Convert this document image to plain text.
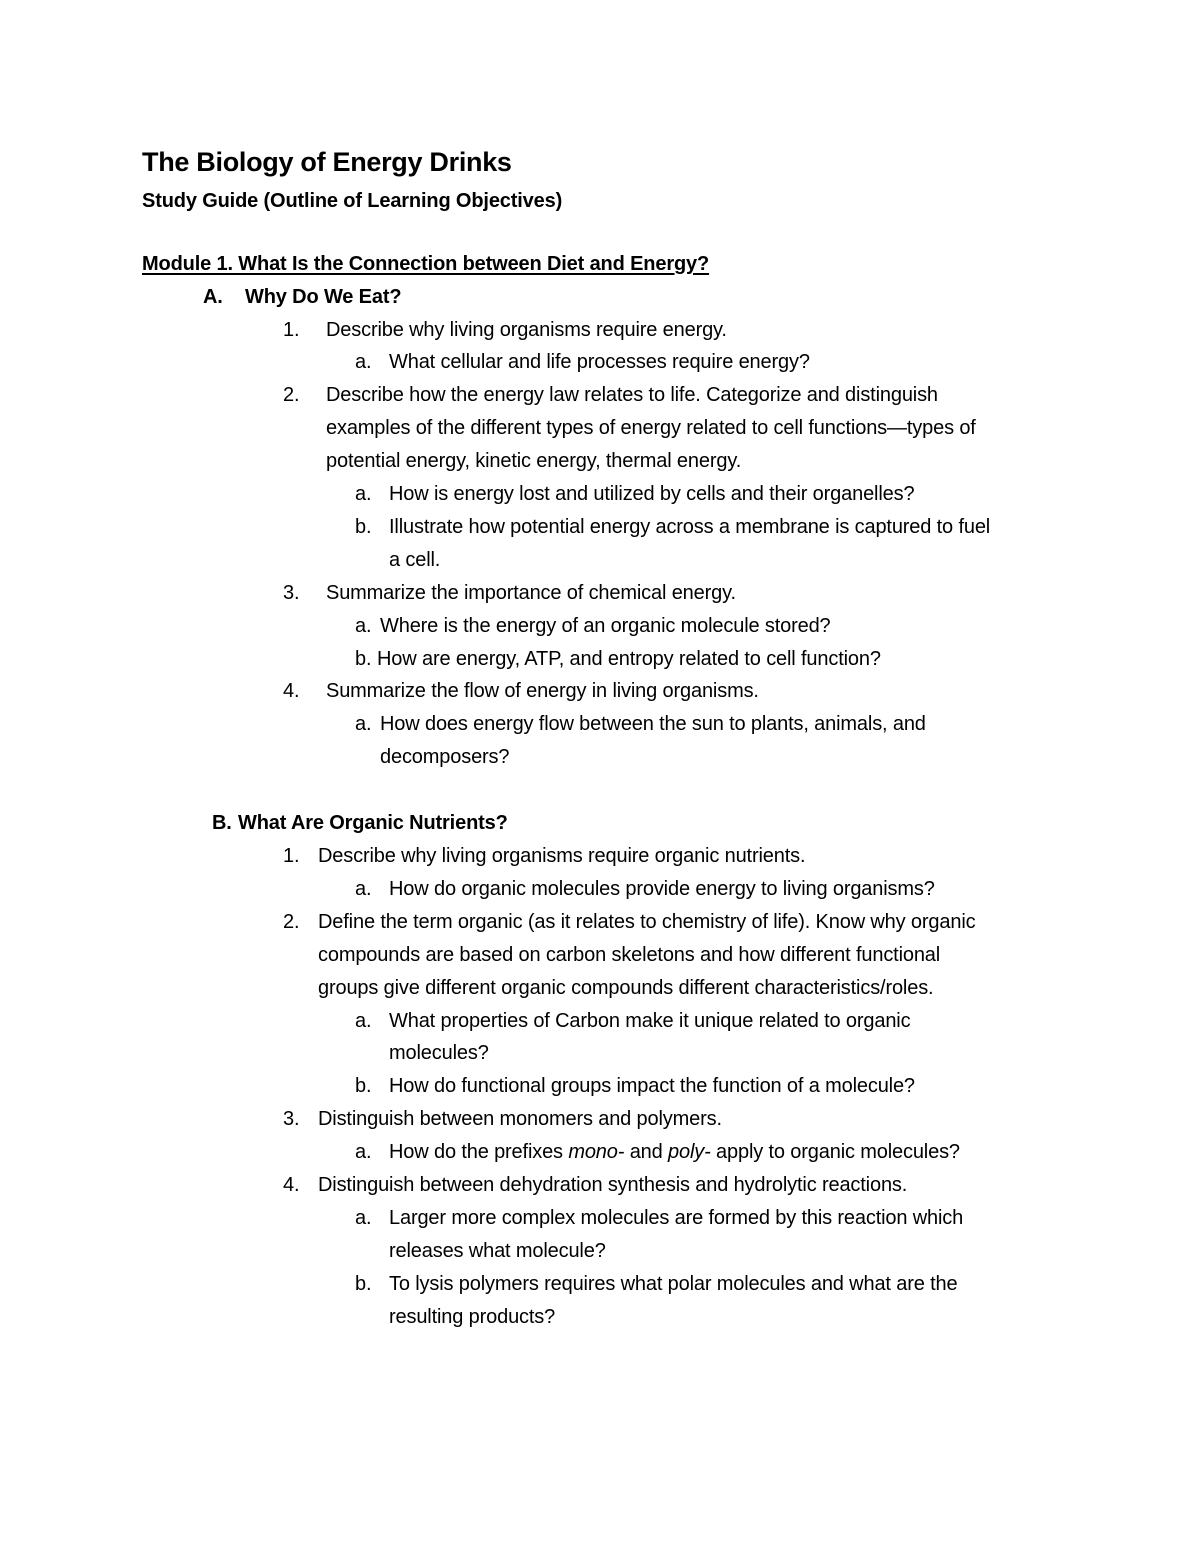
The Biology of Energy Drinks
Study Guide (Outline of Learning Objectives)
Module 1. What Is the Connection between Diet and Energy?
A. Why Do We Eat?
1. Describe why living organisms require energy.
a. What cellular and life processes require energy?
2. Describe how the energy law relates to life. Categorize and distinguish
examples of the different types of energy related to cell functions—types of
potential energy, kinetic energy, thermal energy.
a. How is energy lost and utilized by cells and their organelles?
b. Illustrate how potential energy across a membrane is captured to fuel
a cell.
3. Summarize the importance of chemical energy.
a. Where is the energy of an organic molecule stored?
b. How are energy, ATP, and entropy related to cell function?
4. Summarize the flow of energy in living organisms.
a. How does energy flow between the sun to plants, animals, and
decomposers?
B. What Are Organic Nutrients?
1. Describe why living organisms require organic nutrients.
a. How do organic molecules provide energy to living organisms?
2. Define the term organic (as it relates to chemistry of life). Know why organic
compounds are based on carbon skeletons and how different functional
groups give different organic compounds different characteristics/roles.
a. What properties of Carbon make it unique related to organic
molecules?
b. How do functional groups impact the function of a molecule?
3. Distinguish between monomers and polymers.
a. How do the prefixes mono- and poly- apply to organic molecules?
4. Distinguish between dehydration synthesis and hydrolytic reactions.
a. Larger more complex molecules are formed by this reaction which
releases what molecule?
b. To lysis polymers requires what polar molecules and what are the
resulting products?
